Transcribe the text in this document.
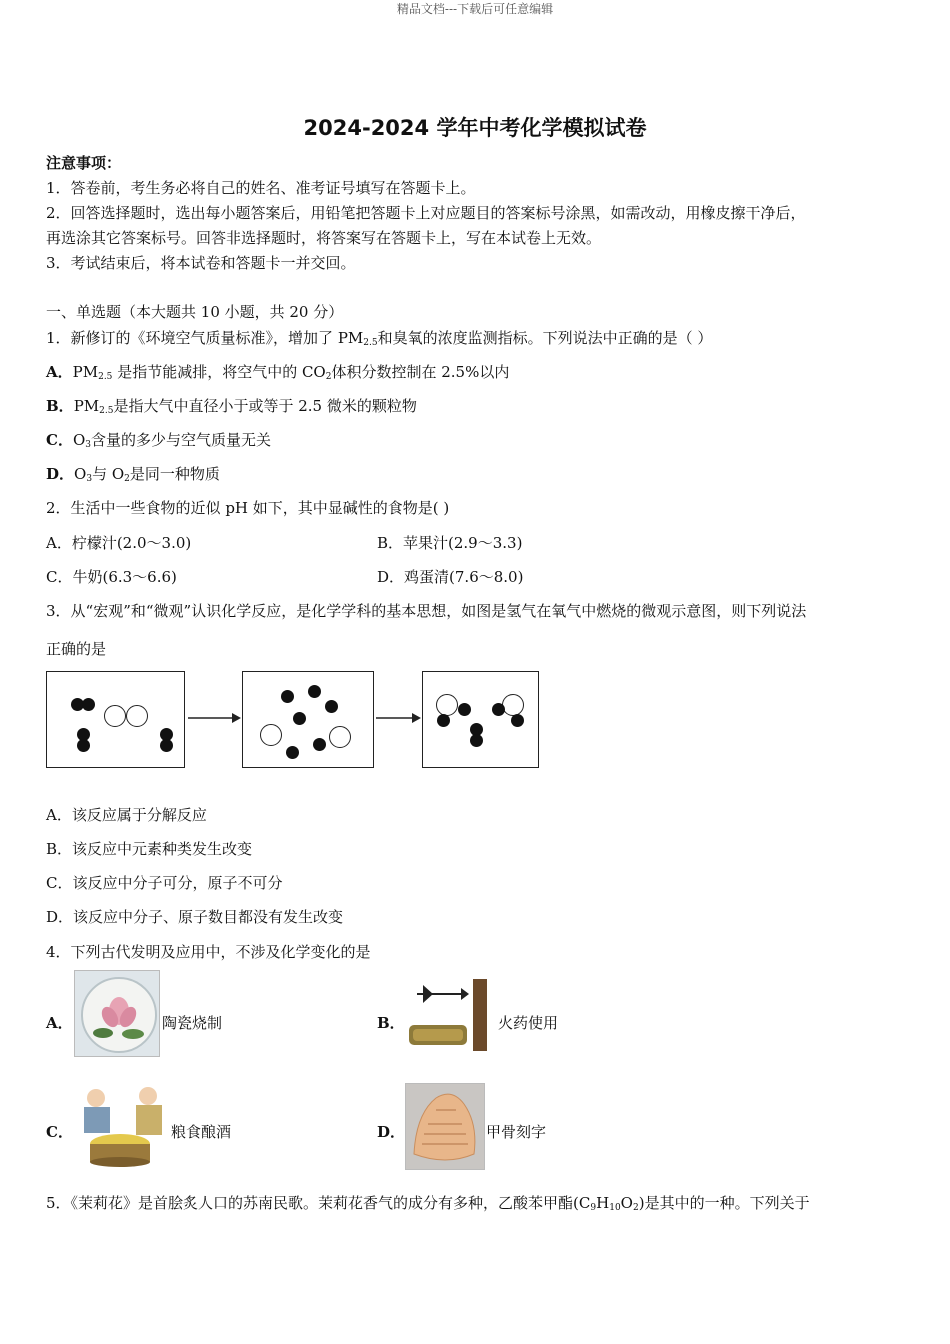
精品文档---下载后可任意编辑
2024-2024 学年中考化学模拟试卷
注意事项：
1．答卷前，考生务必将自己的姓名、准考证号填写在答题卡上。
2．回答选择题时，选出每小题答案后，用铅笔把答题卡上对应题目的答案标号涂黑，如需改动，用橡皮擦干净后，
再选涂其它答案标号。回答非选择题时，将答案写在答题卡上，写在本试卷上无效。
3．考试结束后，将本试卷和答题卡一并交回。
一、单选题（本大题共 10 小题，共 20 分）
1．新修订的《环境空气质量标准》，增加了 $PM_{2.5}$和臭氧的浓度监测指标。下列说法中正确的是（ ）
A．$PM_{2.5}$ 是指节能减排，将空气中的 $CO_2$体积分数控制在 2.5%以内
B．$PM_{2.5}$是指大气中直径小于或等于 2.5 微米的颗粒物
C．$O_3$含量的多少与空气质量无关
D．$O_3$与 $O_2$是同一种物质
2．生活中一些食物的近似 pH 如下，其中显碱性的食物是( )
A．柠檬汁(2.0～3.0)	B．苹果汁(2.9～3.3)
C．牛奶(6.3～6.6)	D．鸡蛋清(7.6～8.0)
3．从“宏观”和“微观”认识化学反应，是化学学科的基本思想，如图是氢气在氧气中燃烧的微观示意图，则下列说法
正确的是
A．该反应属于分解反应
B．该反应中元素种类发生改变
C．该反应中分子可分，原子不可分
D．该反应中分子、原子数目都没有发生改变
4．下列古代发明及应用中，不涉及化学变化的是
A．	陶瓷烧制	B．	火药使用
C．	粮食酿酒	D．	甲骨刻字
5．《茉莉花》是首脍炙人口的苏南民歌。茉莉花香气的成分有多种，乙酸苯甲酯$(C_9H_{10}O_2)$是其中的一种。下列关于
